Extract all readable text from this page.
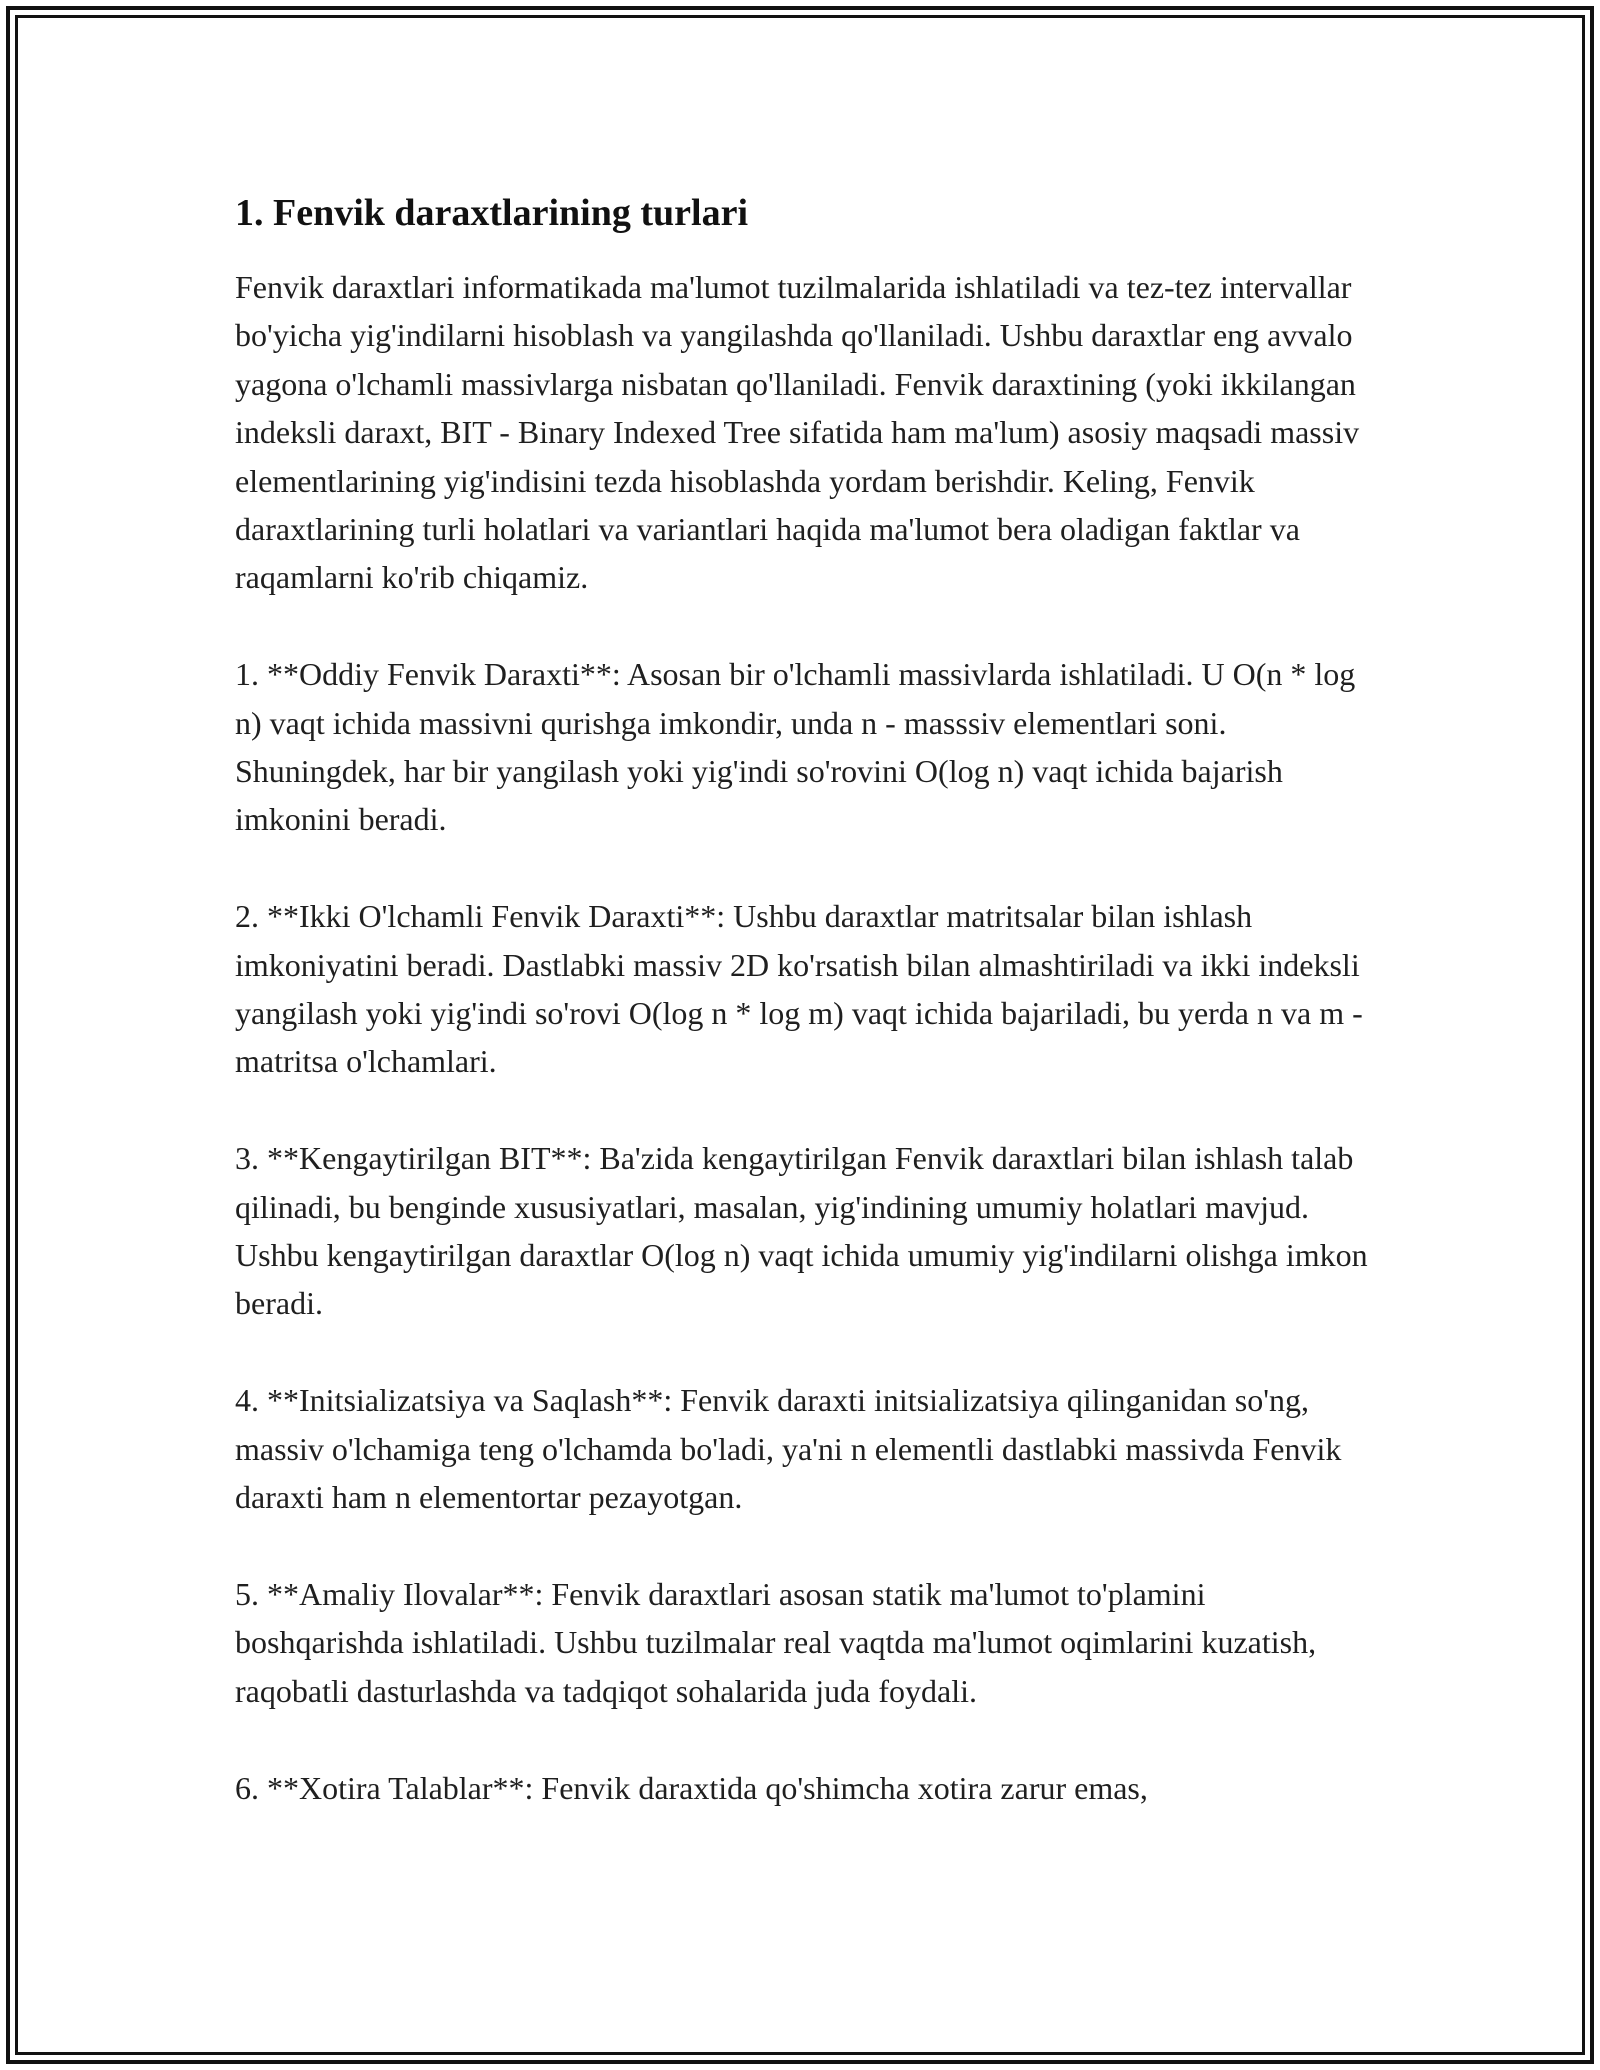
1. Fenvik daraxtlarining turlari

Fenvik daraxtlari informatikada ma'lumot tuzilmalarida ishlatiladi va tez-tez intervallar bo'yicha yig'indilarni hisoblash va yangilashda qo'llaniladi. Ushbu daraxtlar eng avvalo yagona o'lchamli massivlarga nisbatan qo'llaniladi. Fenvik daraxtining (yoki ikkilangan indeksli daraxt, BIT - Binary Indexed Tree sifatida ham ma'lum) asosiy maqsadi massiv elementlarining yig'indisini tezda hisoblashda yordam berishdir. Keling, Fenvik daraxtlarining turli holatlari va variantlari haqida ma'lumot bera oladigan faktlar va raqamlarni ko'rib chiqamiz.

1. **Oddiy Fenvik Daraxti**: Asosan bir o'lchamli massivlarda ishlatiladi. U O(n * log n) vaqt ichida massivni qurishga imkondir, unda n - masssiv elementlari soni. Shuningdek, har bir yangilash yoki yig'indi so'rovini O(log n) vaqt ichida bajarish imkonini beradi.

2. **Ikki O'lchamli Fenvik Daraxti**: Ushbu daraxtlar matritsalar bilan ishlash imkoniyatini beradi. Dastlabki massiv 2D ko'rsatish bilan almashtiriladi va ikki indeksli yangilash yoki yig'indi so'rovi O(log n * log m) vaqt ichida bajariladi, bu yerda n va m - matritsa o'lchamlari.

3. **Kengaytirilgan BIT**: Ba'zida kengaytirilgan Fenvik daraxtlari bilan ishlash talab qilinadi, bu benginde xususiyatlari, masalan, yig'indining umumiy holatlari mavjud. Ushbu kengaytirilgan daraxtlar O(log n) vaqt ichida umumiy yig'indilarni olishga imkon beradi.

4. **Initsializatsiya va Saqlash**: Fenvik daraxti initsializatsiya qilinganidan so'ng, massiv o'lchamiga teng o'lchamda bo'ladi, ya'ni n elementli dastlabki massivda Fenvik daraxti ham n elementortar pezayotgan.

5. **Amaliy Ilovalar**: Fenvik daraxtlari asosan statik ma'lumot to'plamini boshqarishda ishlatiladi. Ushbu tuzilmalar real vaqtda ma'lumot oqimlarini kuzatish, raqobatli dasturlashda va tadqiqot sohalarida juda foydali.

6. **Xotira Talablar**: Fenvik daraxtida qo'shimcha xotira zarur emas,
